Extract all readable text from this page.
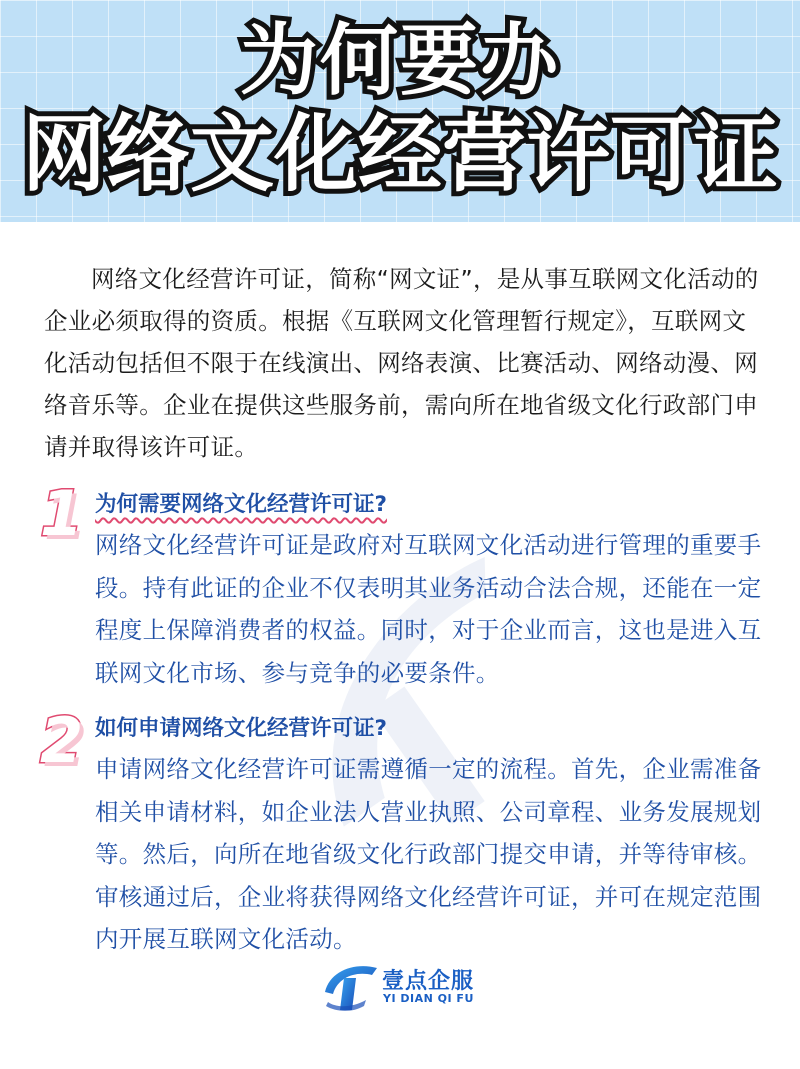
为何要办
网络文化经营许可证

网络文化经营许可证，简称“网文证”，是从事互联网文化活动的企业必须取得的资质。根据《互联网文化管理暂行规定》，互联网文化活动包括但不限于在线演出、网络表演、比赛活动、网络动漫、网络音乐等。企业在提供这些服务前，需向所在地省级文化行政部门申请并取得该许可证。

1 为何需要网络文化经营许可证?

网络文化经营许可证是政府对互联网文化活动进行管理的重要手段。持有此证的企业不仅表明其业务活动合法合规，还能在一定程度上保障消费者的权益。同时，对于企业而言，这也是进入互联网文化市场、参与竞争的必要条件。

2 如何申请网络文化经营许可证?

申请网络文化经营许可证需遵循一定的流程。首先，企业需准备相关申请材料，如企业法人营业执照、公司章程、业务发展规划等。然后，向所在地省级文化行政部门提交申请，并等待审核。审核通过后，企业将获得网络文化经营许可证，并可在规定范围内开展互联网文化活动。

壹点企服
YI DIAN QI FU
